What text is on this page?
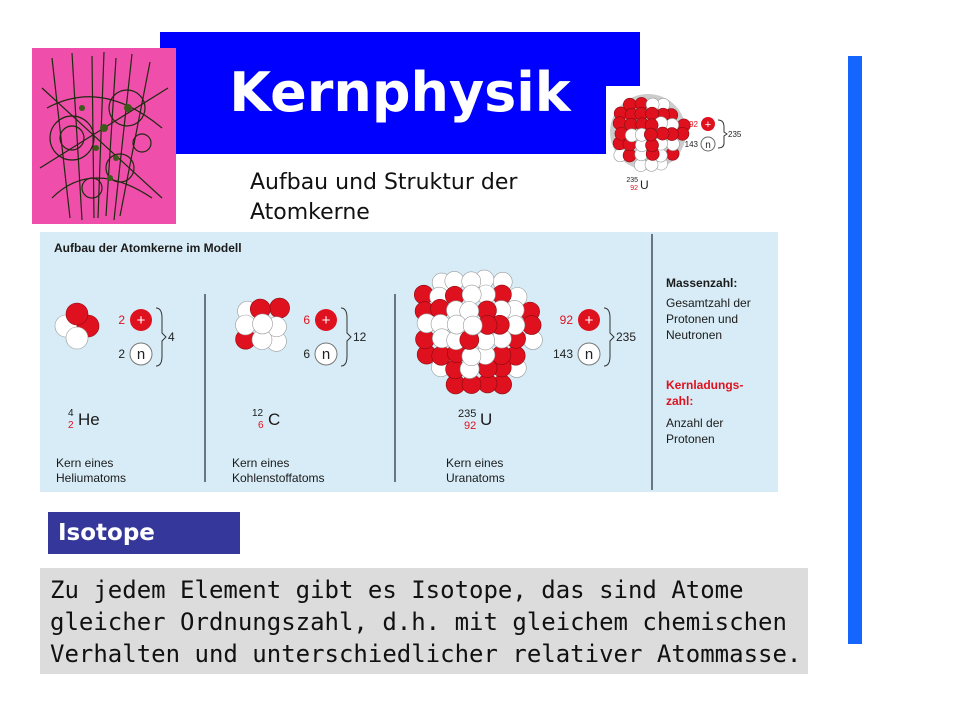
Kernphysik
+
n
92
143
235
235
92 U
Aufbau und Struktur der Atomkerne
Aufbau der Atomkerne im Modell
+
n
2
2
4
+
n
6
6
12
+
n
92
143
235
4
2 He	12
6 C	235
92 U
Kern eines
Heliumatoms
Kern eines
Kohlenstoffatoms
Kern eines
Uranatoms
Massenzahl:
Gesamtzahl der
Protonen und
Neutronen
Kernladungs-
zahl:
Anzahl der
Protonen
Isotope
Zu jedem Element gibt es Isotope, das sind Atome gleicher Ordnungszahl, d.h. mit gleichem chemischen Verhalten und unterschiedlicher relativer Atommasse.
